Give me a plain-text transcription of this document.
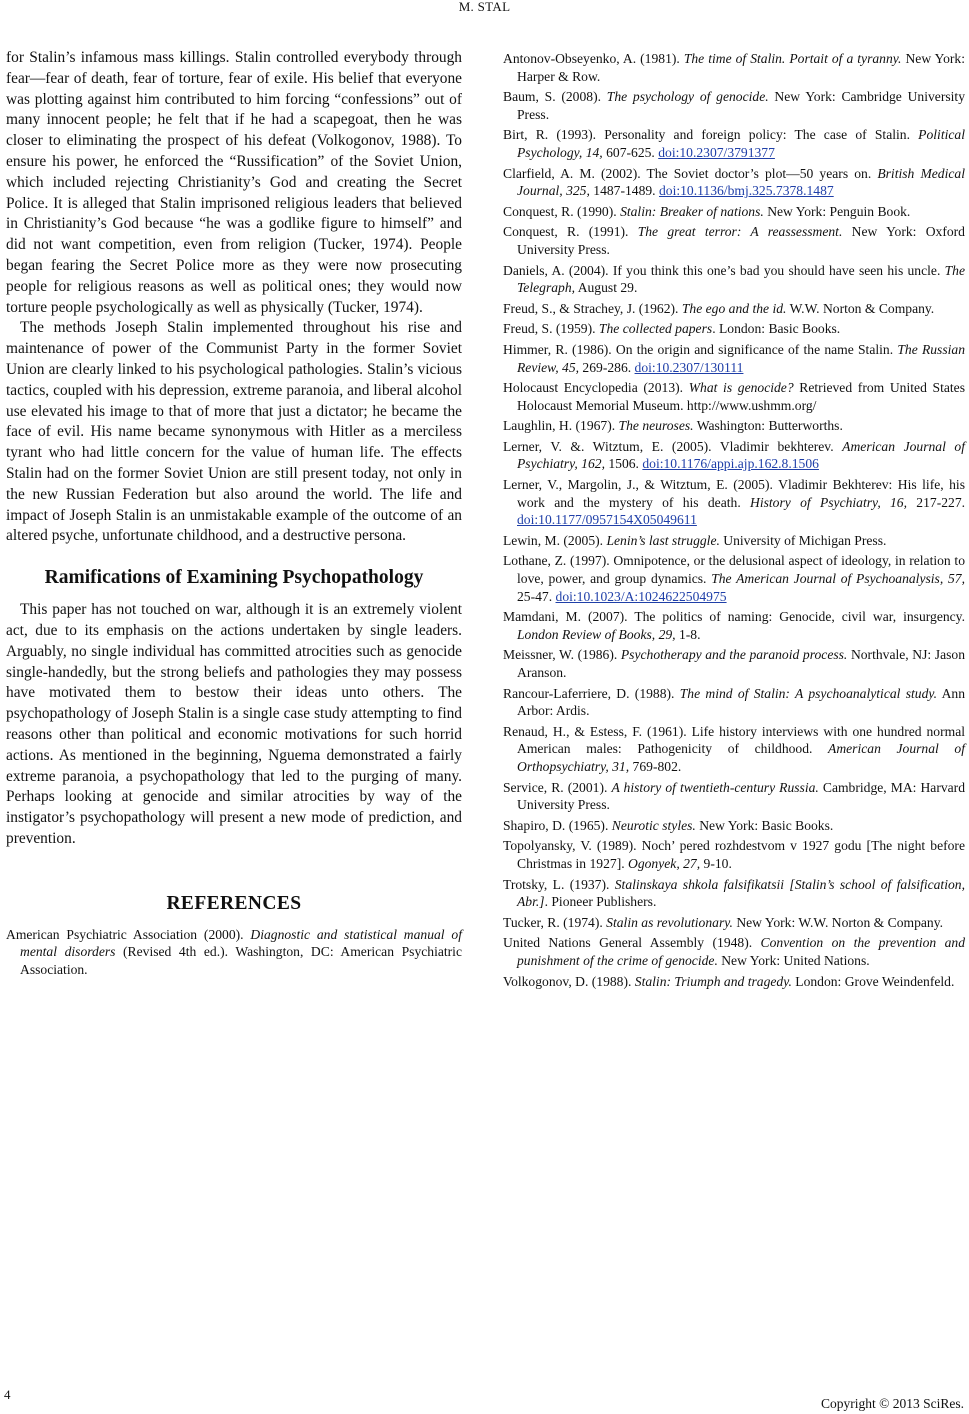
M. STAL

for Stalin’s infamous mass killings. Stalin controlled everybody through fear—fear of death, fear of torture, fear of exile. His belief that everyone was plotting against him contributed to him forcing “confessions” out of many innocent people; he felt that if he had a scapegoat, then he was closer to eliminating the prospect of his defeat (Volkogonov, 1988). To ensure his power, he enforced the “Russification” of the Soviet Union, which included rejecting Christianity’s God and creating the Secret Police. It is alleged that Stalin imprisoned religious leaders that believed in Christianity’s God because “he was a godlike figure to himself” and did not want competition, even from religion (Tucker, 1974). People began fearing the Secret Police more as they were now prosecuting people for religious reasons as well as political ones; they would now torture people psychologically as well as physically (Tucker, 1974).

The methods Joseph Stalin implemented throughout his rise and maintenance of power of the Communist Party in the former Soviet Union are clearly linked to his psychological pathologies. Stalin’s vicious tactics, coupled with his depression, extreme paranoia, and liberal alcohol use elevated his image to that of more that just a dictator; he became the face of evil. His name became synonymous with Hitler as a merciless tyrant who had little concern for the value of human life. The effects Stalin had on the former Soviet Union are still present today, not only in the new Russian Federation but also around the world. The life and impact of Joseph Stalin is an unmistakable example of the outcome of an altered psyche, unfortunate childhood, and a destructive persona.

Ramifications of Examining Psychopathology

This paper has not touched on war, although it is an extremely violent act, due to its emphasis on the actions undertaken by single leaders. Arguably, no single individual has committed atrocities such as genocide single-handedly, but the strong beliefs and pathologies they may possess have motivated them to bestow their ideas unto others. The psychopathology of Joseph Stalin is a single case study attempting to find reasons other than political and economic motivations for such horrid actions. As mentioned in the beginning, Nguema demonstrated a fairly extreme paranoia, a psychopathology that led to the purging of many. Perhaps looking at genocide and similar atrocities by way of the instigator’s psychopathology will present a new mode of prediction, and prevention.

REFERENCES

American Psychiatric Association (2000). Diagnostic and statistical manual of mental disorders (Revised 4th ed.). Washington, DC: American Psychiatric Association.

Antonov-Obseyenko, A. (1981). The time of Stalin. Portait of a tyranny. New York: Harper & Row.

Baum, S. (2008). The psychology of genocide. New York: Cambridge University Press.

Birt, R. (1993). Personality and foreign policy: The case of Stalin. Political Psychology, 14, 607-625. doi:10.2307/3791377

Clarfield, A. M. (2002). The Soviet doctor’s plot—50 years on. British Medical Journal, 325, 1487-1489. doi:10.1136/bmj.325.7378.1487

Conquest, R. (1990). Stalin: Breaker of nations. New York: Penguin Book.

Conquest, R. (1991). The great terror: A reassessment. New York: Oxford University Press.

Daniels, A. (2004). If you think this one’s bad you should have seen his uncle. The Telegraph, August 29.

Freud, S., & Strachey, J. (1962). The ego and the id. W.W. Norton & Company.

Freud, S. (1959). The collected papers. London: Basic Books.

Himmer, R. (1986). On the origin and significance of the name Stalin. The Russian Review, 45, 269-286. doi:10.2307/130111

Holocaust Encyclopedia (2013). What is genocide? Retrieved from United States Holocaust Memorial Museum. http://www.ushmm.org/

Laughlin, H. (1967). The neuroses. Washington: Butterworths.

Lerner, V. &. Witztum, E. (2005). Vladimir bekhterev. American Journal of Psychiatry, 162, 1506. doi:10.1176/appi.ajp.162.8.1506

Lerner, V., Margolin, J., & Witztum, E. (2005). Vladimir Bekhterev: His life, his work and the mystery of his death. History of Psychiatry, 16, 217-227. doi:10.1177/0957154X05049611

Lewin, M. (2005). Lenin’s last struggle. University of Michigan Press.

Lothane, Z. (1997). Omnipotence, or the delusional aspect of ideology, in relation to love, power, and group dynamics. The American Journal of Psychoanalysis, 57, 25-47. doi:10.1023/A:1024622504975

Mamdani, M. (2007). The politics of naming: Genocide, civil war, insurgency. London Review of Books, 29, 1-8.

Meissner, W. (1986). Psychotherapy and the paranoid process. Northvale, NJ: Jason Aranson.

Rancour-Laferriere, D. (1988). The mind of Stalin: A psychoanalytical study. Ann Arbor: Ardis.

Renaud, H., & Estess, F. (1961). Life history interviews with one hundred normal American males: Pathogenicity of childhood. American Journal of Orthopsychiatry, 31, 769-802.

Service, R. (2001). A history of twentieth-century Russia. Cambridge, MA: Harvard University Press.

Shapiro, D. (1965). Neurotic styles. New York: Basic Books.

Topolyansky, V. (1989). Noch’ pered rozhdestvom v 1927 godu [The night before Christmas in 1927]. Ogonyek, 27, 9-10.

Trotsky, L. (1937). Stalinskaya shkola falsifikatsii [Stalin’s school of falsification, Abr.]. Pioneer Publishers.

Tucker, R. (1974). Stalin as revolutionary. New York: W.W. Norton & Company.

United Nations General Assembly (1948). Convention on the prevention and punishment of the crime of genocide. New York: United Nations.

Volkogonov, D. (1988). Stalin: Triumph and tragedy. London: Grove Weindenfeld.

4
Copyright © 2013 SciRes.
